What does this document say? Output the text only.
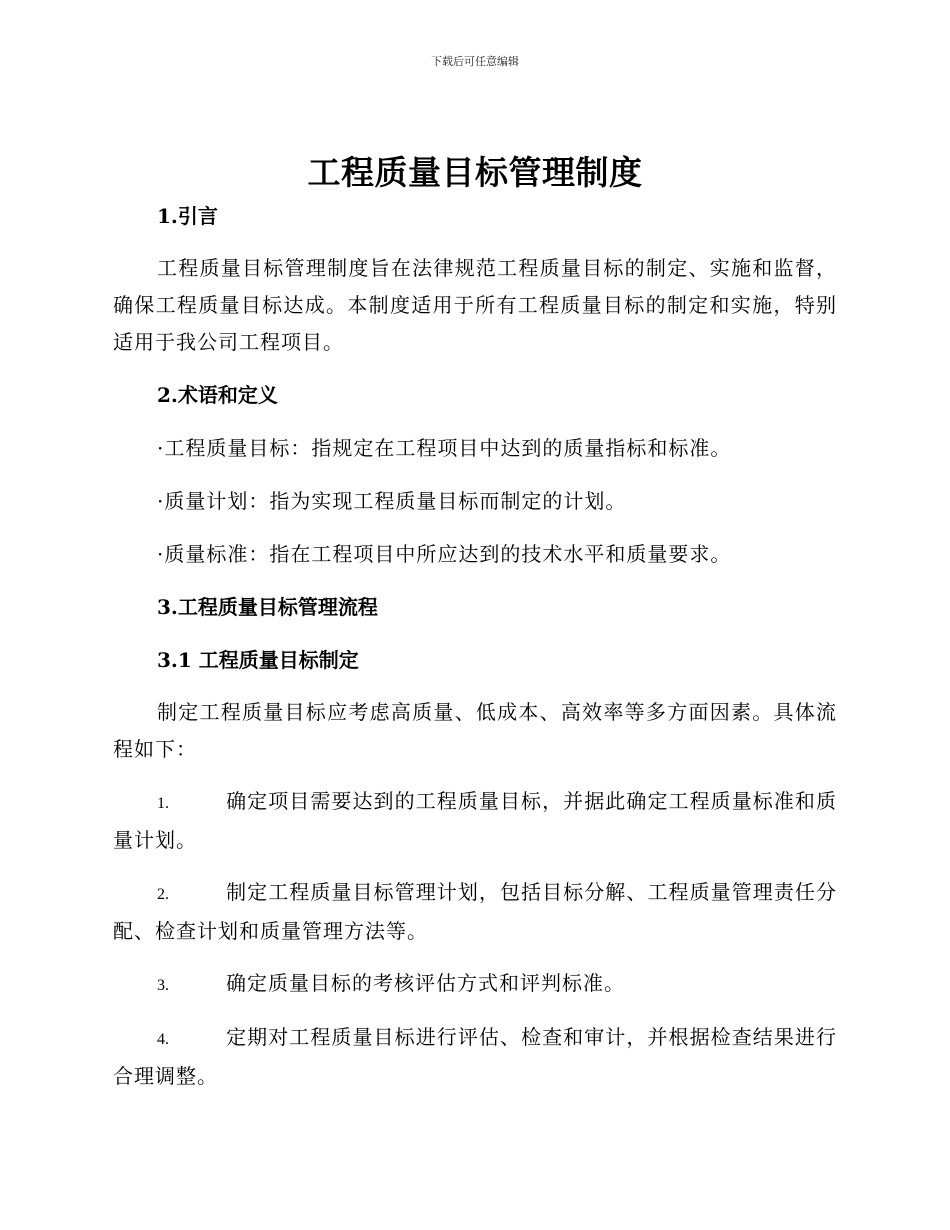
下载后可任意编辑
工程质量目标管理制度

1.引言

工程质量目标管理制度旨在法律规范工程质量目标的制定、实施和监督，确保工程质量目标达成。本制度适用于所有工程质量目标的制定和实施，特别适用于我公司工程项目。

2.术语和定义

·工程质量目标：指规定在工程项目中达到的质量指标和标准。

·质量计划：指为实现工程质量目标而制定的计划。

·质量标准：指在工程项目中所应达到的技术水平和质量要求。

3.工程质量目标管理流程

3.1 工程质量目标制定

制定工程质量目标应考虑高质量、低成本、高效率等多方面因素。具体流程如下：

1.	确定项目需要达到的工程质量目标，并据此确定工程质量标准和质量计划。

2.	制定工程质量目标管理计划，包括目标分解、工程质量管理责任分配、检查计划和质量管理方法等。

3.	确定质量目标的考核评估方式和评判标准。

4.	定期对工程质量目标进行评估、检查和审计，并根据检查结果进行合理调整。
